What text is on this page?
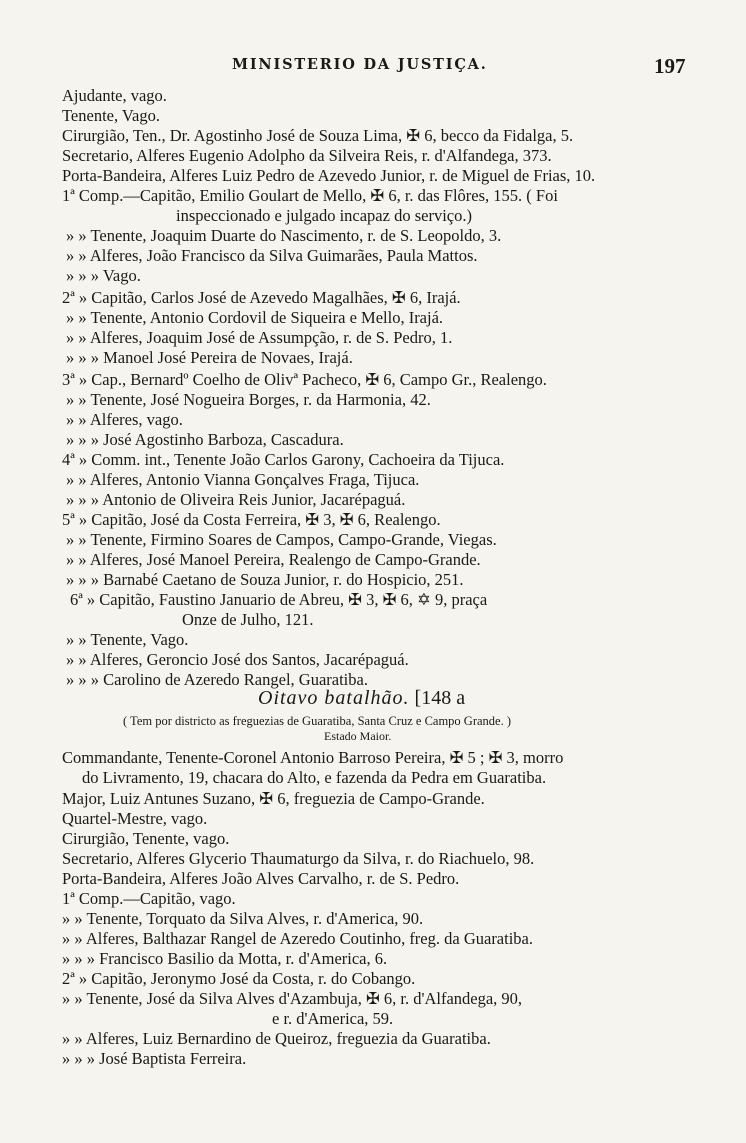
MINISTERIO DA JUSTIÇA.	197
Ajudante, vago.
Tenente, Vago.
Cirurgião, Ten., Dr. Agostinho José de Souza Lima, ✠ 6, becco da Fidalga, 5.
Secretario, Alferes Eugenio Adolpho da Silveira Reis, r. d'Alfandega, 373.
Porta-Bandeira, Alferes Luiz Pedro de Azevedo Junior, r. de Miguel de Frias, 10.
1ª Comp.—Capitão, Emilio Goulart de Mello, ✠ 6, r. das Flôres, 155. ( Foi
inspeccionado e julgado incapaz do serviço.)
» » Tenente, Joaquim Duarte do Nascimento, r. de S. Leopoldo, 3.
» » Alferes, João Francisco da Silva Guimarães, Paula Mattos.
» » » Vago.
2ª » Capitão, Carlos José de Azevedo Magalhães, ✠ 6, Irajá.
» » Tenente, Antonio Cordovil de Siqueira e Mello, Irajá.
» » Alferes, Joaquim José de Assumpção, r. de S. Pedro, 1.
» » » Manoel José Pereira de Novaes, Irajá.
3ª » Cap., Bernardº Coelho de Olivª Pacheco, ✠ 6, Campo Gr., Realengo.
» » Tenente, José Nogueira Borges, r. da Harmonia, 42.
» » Alferes, vago.
» » » José Agostinho Barboza, Cascadura.
4ª » Comm. int., Tenente João Carlos Garony, Cachoeira da Tijuca.
» » Alferes, Antonio Vianna Gonçalves Fraga, Tijuca.
» » » Antonio de Oliveira Reis Junior, Jacarépaguá.
5ª » Capitão, José da Costa Ferreira, ✠ 3, ✠ 6, Realengo.
» » Tenente, Firmino Soares de Campos, Campo-Grande, Viegas.
» » Alferes, José Manoel Pereira, Realengo de Campo-Grande.
» » » Barnabé Caetano de Souza Junior, r. do Hospicio, 251.
6ª » Capitão, Faustino Januario de Abreu, ✠ 3, ✠ 6, ✡ 9, praça
Onze de Julho, 121.
» » Tenente, Vago.
» » Alferes, Geroncio José dos Santos, Jacarépaguá.
» » » Carolino de Azeredo Rangel, Guaratiba.
Oitavo batalhão. [148 a
( Tem por districto as freguezias de Guaratiba, Santa Cruz e Campo Grande. )
Estado Maior.
Commandante, Tenente-Coronel Antonio Barroso Pereira, ✠ 5 ; ✠ 3, morro
do Livramento, 19, chacara do Alto, e fazenda da Pedra em Guaratiba.
Major, Luiz Antunes Suzano, ✠ 6, freguezia de Campo-Grande.
Quartel-Mestre, vago.
Cirurgião, Tenente, vago.
Secretario, Alferes Glycerio Thaumaturgo da Silva, r. do Riachuelo, 98.
Porta-Bandeira, Alferes João Alves Carvalho, r. de S. Pedro.
1ª Comp.—Capitão, vago.
» » Tenente, Torquato da Silva Alves, r. d'America, 90.
» » Alferes, Balthazar Rangel de Azeredo Coutinho, freg. da Guaratiba.
» » » Francisco Basilio da Motta, r. d'America, 6.
2ª » Capitão, Jeronymo José da Costa, r. do Cobango.
» » Tenente, José da Silva Alves d'Azambuja, ✠ 6, r. d'Alfandega, 90,
e r. d'America, 59.
» » Alferes, Luiz Bernardino de Queiroz, freguezia da Guaratiba.
» » » José Baptista Ferreira.
